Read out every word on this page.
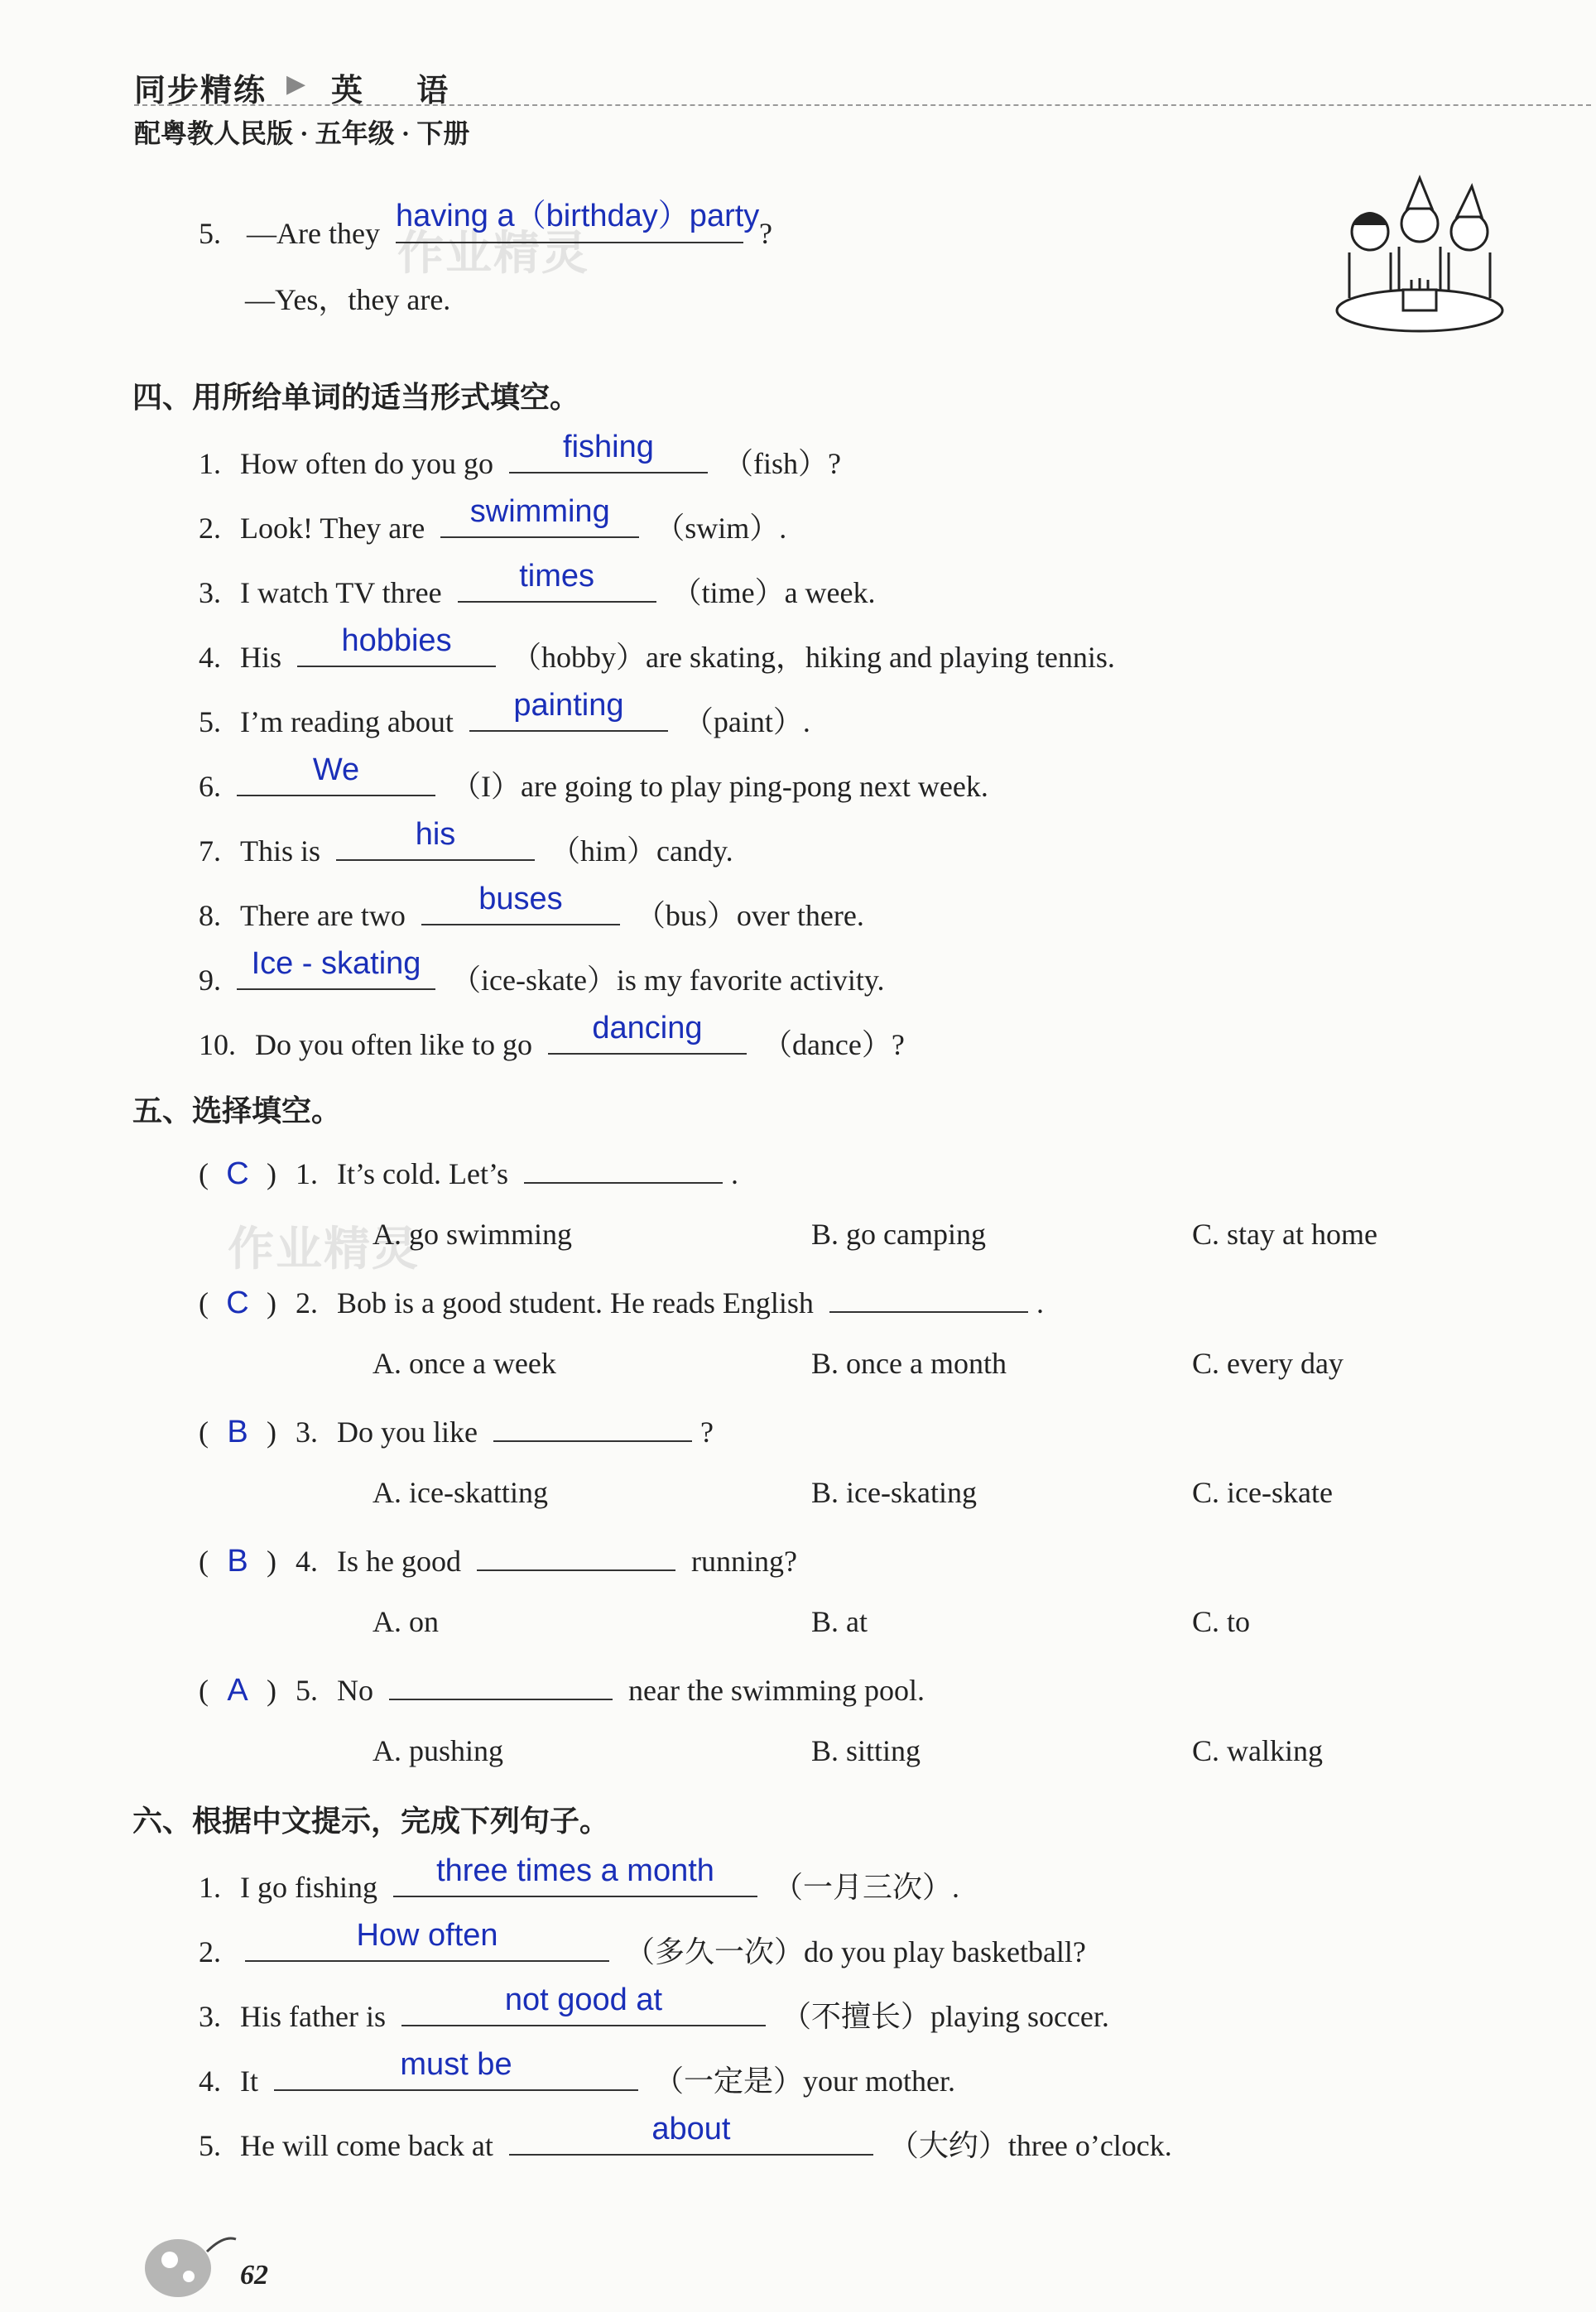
同步精练 ▶ 英 语
配粤教人民版 · 五年级 · 下册
作业精灵
作业精灵
5. —Are they having a（birthday）party ?
—Yes，they are.
四、用所给单词的适当形式填空。
1. How often do you go	fishing	（fish）?
2. Look! They are	swimming	（swim）.
3. I watch TV three	times	（time）a week.
4. His	hobbies	（hobby）are skating，hiking and playing tennis.
5. I’m reading about	painting	（paint）.
6.	We	（I）are going to play ping-pong next week.
7. This is	his	（him）candy.
8. There are two	buses	（bus）over there.
9. Ice - skating	（ice-skate）is my favorite activity.
10. Do you often like to go	dancing	（dance）?
五、选择填空。
( C ) 1. It’s cold. Let’s	.
A. go swimming	B. go camping	C. stay at home
( C ) 2. Bob is a good student. He reads English	.
A. once a week	B. once a month	C. every day
( B ) 3. Do you like	?
A. ice-skatting	B. ice-skating	C. ice-skate
( B ) 4. Is he good	running?
A. on	B. at	C. to
( A ) 5. No	near the swimming pool.
A. pushing	B. sitting	C. walking
六、根据中文提示，完成下列句子。
1. I go fishing	three times a month	（一月三次）.
2.	How often	（多久一次）do you play basketball?
3. His father is	not good at	（不擅长）playing soccer.
4. It	must be	（一定是）your mother.
5. He will come back at	about	（大约）three o’clock.
62
